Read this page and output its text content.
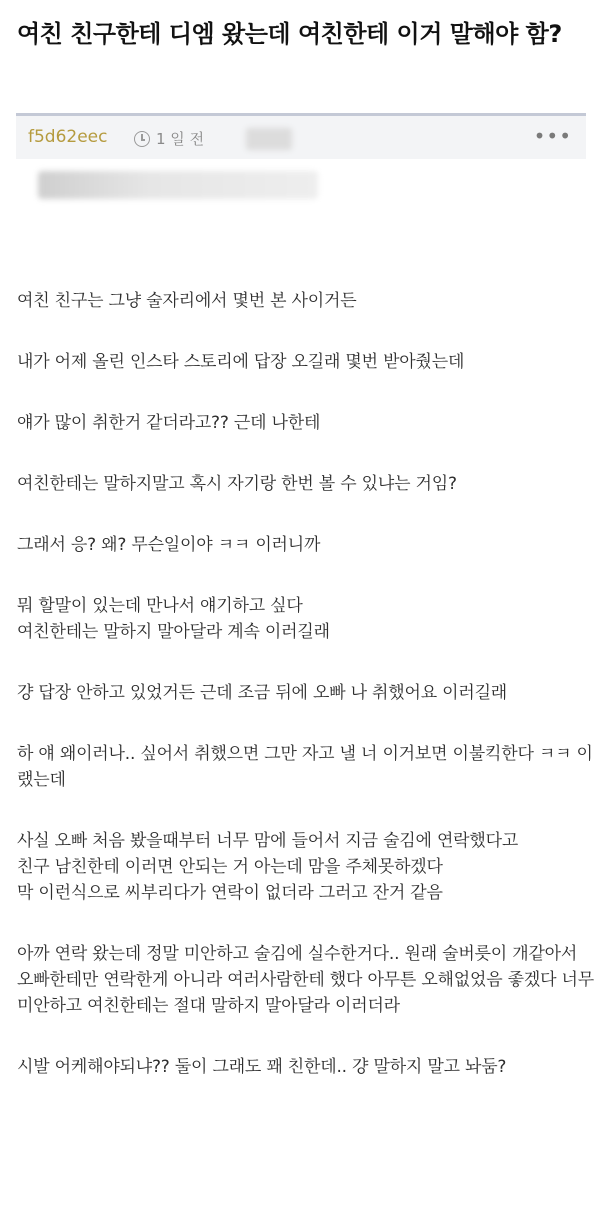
여친 친구한테 디엠 왔는데 여친한테 이거 말해야 함?
f5d62eec	1 일 전	•••

여친 친구는 그냥 술자리에서 몇번 본 사이거든

내가 어제 올린 인스타 스토리에 답장 오길래 몇번 받아줬는데

얘가 많이 취한거 같더라고?? 근데 나한테

여친한테는 말하지말고 혹시 자기랑 한번 볼 수 있냐는 거임?

그래서 응? 왜? 무슨일이야 ㅋㅋ 이러니까

뭐 할말이 있는데 만나서 얘기하고 싶다
여친한테는 말하지 말아달라 계속 이러길래

걍 답장 안하고 있었거든 근데 조금 뒤에 오빠 나 취했어요 이러길래

하 얘 왜이러나.. 싶어서 취했으면 그만 자고 낼 너 이거보면 이불킥한다 ㅋㅋ 이랬는데

사실 오빠 처음 봤을때부터 너무 맘에 들어서 지금 술김에 연락했다고
친구 남친한테 이러면 안되는 거 아는데 맘을 주체못하겠다
막 이런식으로 씨부리다가 연락이 없더라 그러고 잔거 같음

아까 연락 왔는데 정말 미안하고 술김에 실수한거다.. 원래 술버릇이 개같아서 오빠한테만 연락한게 아니라 여러사람한테 했다 아무튼 오해없었음 좋겠다 너무 미안하고 여친한테는 절대 말하지 말아달라 이러더라

시발 어케해야되냐?? 둘이 그래도 꽤 친한데.. 걍 말하지 말고 놔둠?
